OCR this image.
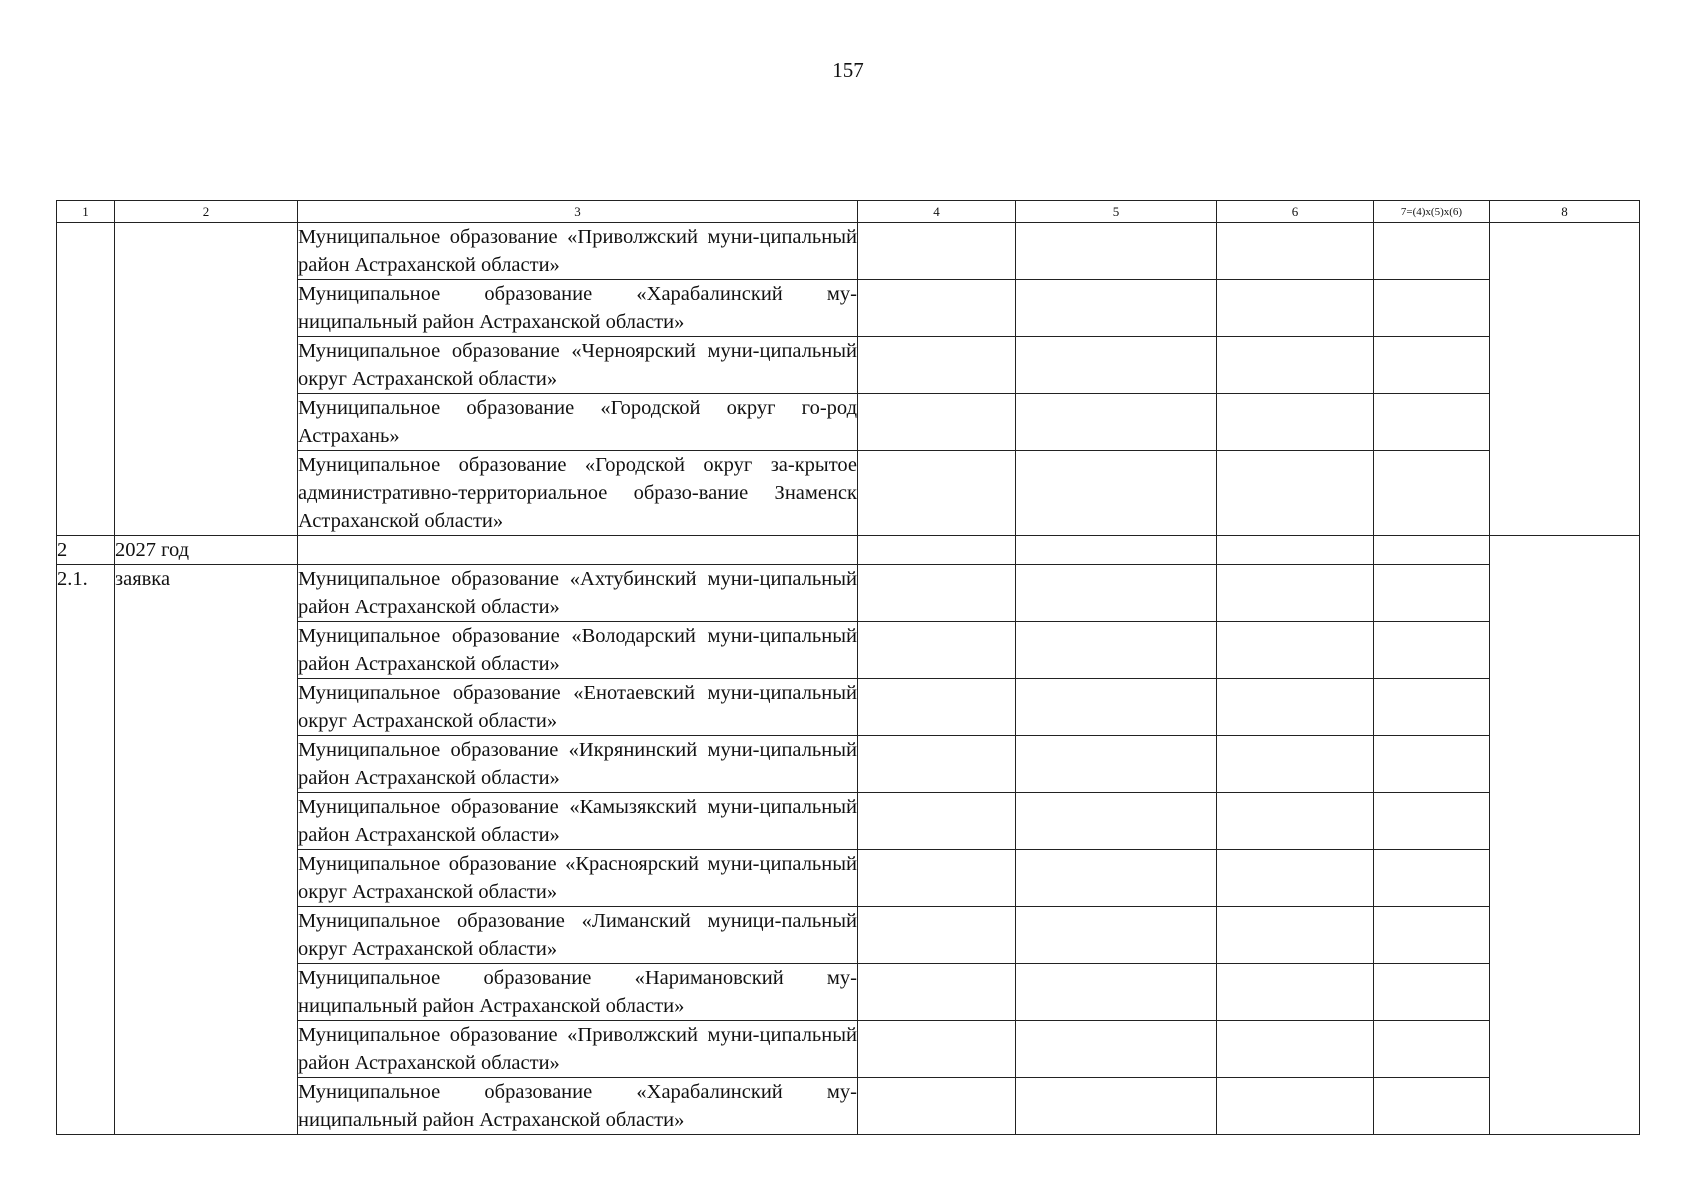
157
1	2	3	4	5	6	7=(4)x(5)x(6)	8
		Муниципальное образование «Приволжский муни-ципальный район Астраханской области»					
		Муниципальное образование «Харабалинский му-ниципальный район Астраханской области»					
		Муниципальное образование «Черноярский муни-ципальный округ Астраханской области»					
		Муниципальное образование «Городской округ го-род Астрахань»					
		Муниципальное образование «Городской округ за-крытое административно-территориальное образо-вание Знаменск Астраханской области»					
2	2027 год						
2.1.	заявка	Муниципальное образование «Ахтубинский муни-ципальный район Астраханской области»					
		Муниципальное образование «Володарский муни-ципальный район Астраханской области»					
		Муниципальное образование «Енотаевский муни-ципальный округ Астраханской области»					
		Муниципальное образование «Икрянинский муни-ципальный район Астраханской области»					
		Муниципальное образование «Камызякский муни-ципальный район Астраханской области»					
		Муниципальное образование «Красноярский муни-ципальный округ Астраханской области»					
		Муниципальное образование «Лиманский муници-пальный округ Астраханской области»					
		Муниципальное образование «Наримановский му-ниципальный район Астраханской области»					
		Муниципальное образование «Приволжский муни-ципальный район Астраханской области»					
		Муниципальное образование «Харабалинский му-ниципальный район Астраханской области»					
